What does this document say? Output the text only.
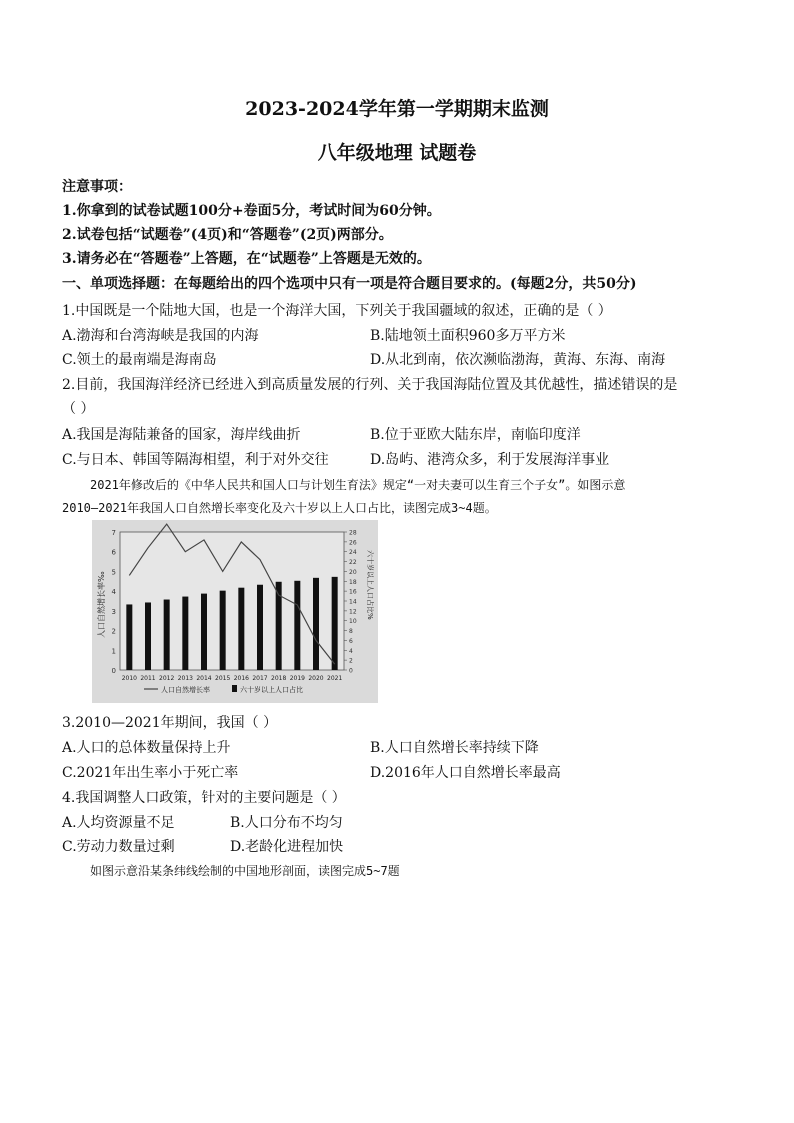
2023-2024学年第一学期期末监测
八年级地理 试题卷
注意事项：
1.你拿到的试卷试题100分+卷面5分，考试时间为60分钟。
2.试卷包括“试题卷”(4页)和“答题卷”(2页)两部分。
3.请务必在“答题卷”上答题，在“试题卷”上答题是无效的。
一、单项选择题：在每题给出的四个选项中只有一项是符合题目要求的。(每题2分，共50分)
1.中国既是一个陆地大国，也是一个海洋大国，下列关于我国疆域的叙述，正确的是（ ）
A.渤海和台湾海峡是我国的内海	B.陆地领土面积960多万平方米
C.领土的最南端是海南岛	D.从北到南，依次濒临渤海，黄海、东海、南海
2.目前，我国海洋经济已经进入到高质量发展的行列、关于我国海陆位置及其优越性，描述错误的是
（ ）
A.我国是海陆兼备的国家，海岸线曲折	B.位于亚欧大陆东岸，南临印度洋
C.与日本、韩国等隔海相望，利于对外交往	D.岛屿、港湾众多，利于发展海洋事业
2021年修改后的《中华人民共和国人口与计划生育法》规定“一对夫妻可以生育三个子女”。如图示意
2010—2021年我国人口自然增长率变化及六十岁以上人口占比，读图完成3~4题。
0
1
2
3
4
5
6
7
0
2
4
6
8
10
12
14
16
18
20
22
24
26
28
2010 2011 2012 2013 2014 2015 2016 2017 2018 2019 2020 2021
人口自然增长率‰	六十岁以上人口占比%
人口自然增长率	六十岁以上人口占比
3.2010—2021年期间，我国（ ）
A.人口的总体数量保持上升	B.人口自然增长率持续下降
C.2021年出生率小于死亡率	D.2016年人口自然增长率最高
4.我国调整人口政策，针对的主要问题是（ ）
A.人均资源量不足	B.人口分布不均匀
C.劳动力数量过剩	D.老龄化进程加快
如图示意沿某条纬线绘制的中国地形剖面，读图完成5~7题
